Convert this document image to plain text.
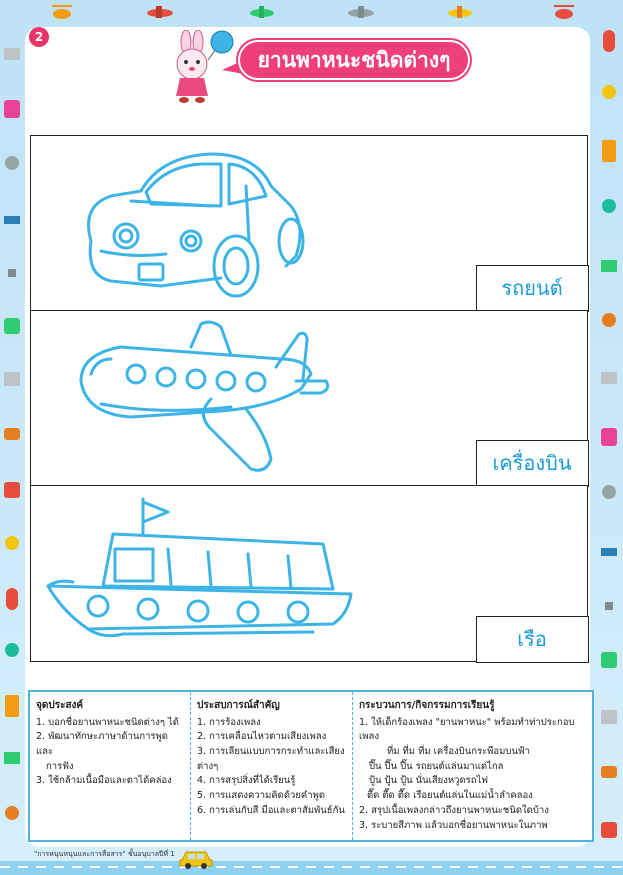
2
ยานพาหนะชนิดต่างๆ
รถยนต์
เครื่องบิน
เรือ
จุดประสงค์
1. บอกชื่อยานพาหนะชนิดต่างๆ ได้
2. พัฒนาทักษะภาษาด้านการพูดและ
การฟัง
3. ใช้กล้ามเนื้อมือและตาได้คล่อง
ประสบการณ์สำคัญ
1. การร้องเพลง
2. การเคลื่อนไหวตามเสียงเพลง
3. การเลียนแบบการกระทำและเสียงต่างๆ
4. การสรุปสิ่งที่ได้เรียนรู้
5. การแสดงความคิดด้วยคำพูด
6. การเล่นกับสี มือและตาสัมพันธ์กัน
กระบวนการ/กิจกรรมการเรียนรู้
1. ให้เด็กร้องเพลง "ยานพาหนะ" พร้อมทำท่าประกอบเพลง
ที่ม ที่ม ที่ม เครื่องบินกระพือมบนฟ้า
ปี๊น ปี๊น ปี๊น รถยนต์แล่นมาแต่ไกล
ปู้น ปู้น ปู้น นั่นเสียงหวูดรถไฟ
ตื๊ด ตื๊ด ตื๊ด เรือยนต์แล่นในแม่น้ำลำคลอง
2. สรุปเนื้อเพลงกล่าวถึงยานพาหนะชนิดใดบ้าง
3. ระบายสีภาพ แล้วบอกชื่อยานพาหนะในภาพ
"การหนุนหนุนและการสื่อสาร" ชั้นอนุบาลปีที่ 1
